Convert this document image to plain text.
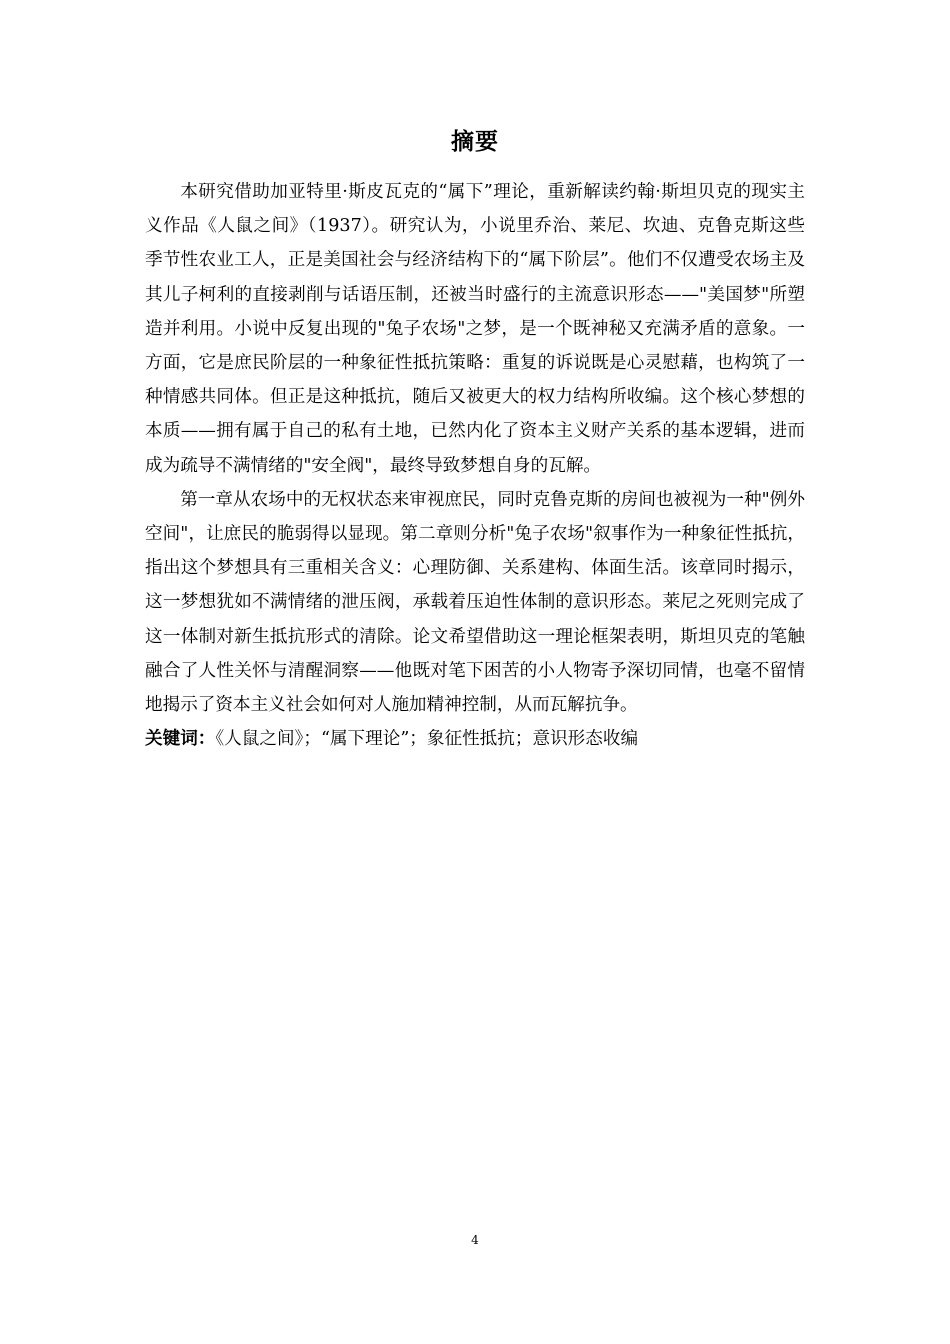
摘要

本研究借助加亚特里·斯皮瓦克的“属下”理论，重新解读约翰·斯坦贝克的现实主义作品《人鼠之间》（1937）。研究认为，小说里乔治、莱尼、坎迪、克鲁克斯这些季节性农业工人，正是美国社会与经济结构下的“属下阶层”。他们不仅遭受农场主及其儿子柯利的直接剥削与话语压制，还被当时盛行的主流意识形态——"美国梦"所塑造并利用。小说中反复出现的"兔子农场"之梦，是一个既神秘又充满矛盾的意象。一方面，它是庶民阶层的一种象征性抵抗策略：重复的诉说既是心灵慰藉，也构筑了一种情感共同体。但正是这种抵抗，随后又被更大的权力结构所收编。这个核心梦想的本质——拥有属于自己的私有土地，已然内化了资本主义财产关系的基本逻辑，进而成为疏导不满情绪的"安全阀"，最终导致梦想自身的瓦解。

第一章从农场中的无权状态来审视庶民，同时克鲁克斯的房间也被视为一种"例外空间"，让庶民的脆弱得以显现。第二章则分析"兔子农场"叙事作为一种象征性抵抗，指出这个梦想具有三重相关含义：心理防御、关系建构、体面生活。该章同时揭示，这一梦想犹如不满情绪的泄压阀，承载着压迫性体制的意识形态。莱尼之死则完成了这一体制对新生抵抗形式的清除。论文希望借助这一理论框架表明，斯坦贝克的笔触融合了人性关怀与清醒洞察——他既对笔下困苦的小人物寄予深切同情，也毫不留情地揭示了资本主义社会如何对人施加精神控制，从而瓦解抗争。

关键词：《人鼠之间》；“属下理论”；象征性抵抗；意识形态收编

4
